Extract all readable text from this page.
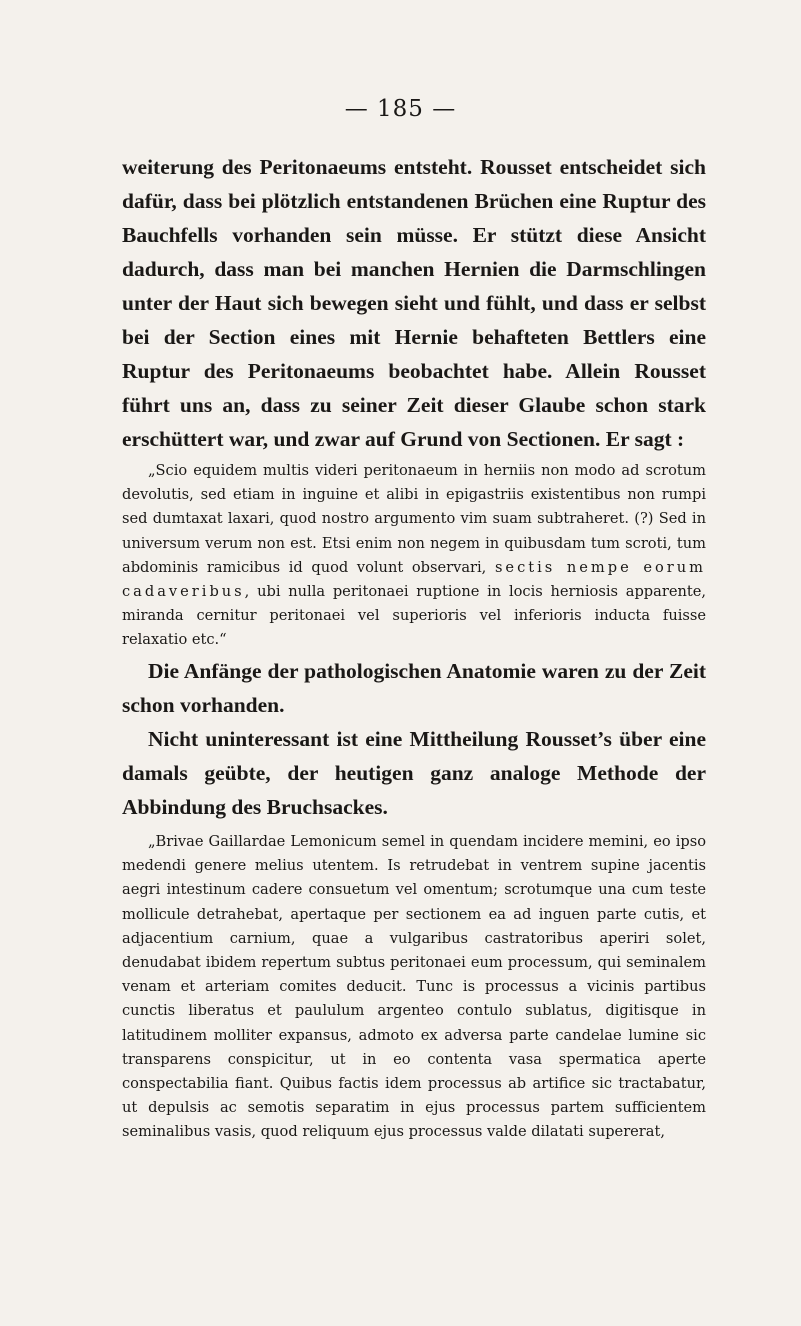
— 185 —

weiterung des Peritonaeums entsteht. Rousset entscheidet sich dafür, dass bei plötzlich entstandenen Brüchen eine Ruptur des Bauchfells vorhanden sein müsse. Er stützt diese Ansicht dadurch, dass man bei manchen Hernien die Darmschlingen unter der Haut sich bewegen sieht und fühlt, und dass er selbst bei der Section eines mit Hernie behafteten Bettlers eine Ruptur des Peritonaeums beobachtet habe. Allein Rousset führt uns an, dass zu seiner Zeit dieser Glaube schon stark erschüttert war, und zwar auf Grund von Sectionen. Er sagt :

„Scio equidem multis videri peritonaeum in herniis non modo ad scrotum devolutis, sed etiam in inguine et alibi in epigastriis existentibus non rumpi sed dumtaxat laxari, quod nostro argumento vim suam subtraheret. (?) Sed in universum verum non est. Etsi enim non negem in quibusdam tum scroti, tum abdominis ramicibus id quod volunt observari, sectis nempe eorum cadaveribus, ubi nulla peritonaei ruptione in locis herniosis apparente, miranda cernitur peritonaei vel superioris vel inferioris inducta fuisse relaxatio etc.“

Die Anfänge der pathologischen Anatomie waren zu der Zeit schon vorhanden.

Nicht uninteressant ist eine Mittheilung Rousset’s über eine damals geübte, der heutigen ganz analoge Methode der Abbindung des Bruchsackes.

„Brivae Gaillardae Lemonicum semel in quendam incidere memini, eo ipso medendi genere melius utentem. Is retrudebat in ventrem supine jacentis aegri intestinum cadere consuetum vel omentum; scrotumque una cum teste mollicule detrahebat, apertaque per sectionem ea ad inguen parte cutis, et adjacentium carnium, quae a vulgaribus castratoribus aperiri solet, denudabat ibidem repertum subtus peritonaei eum processum, qui seminalem venam et arteriam comites deducit. Tunc is processus a vicinis partibus cunctis liberatus et paululum argenteo contulo sublatus, digitisque in latitudinem molliter expansus, admoto ex adversa parte candelae lumine sic transparens conspicitur, ut in eo contenta vasa spermatica aperte conspectabilia fiant. Quibus factis idem processus ab artifice sic tractabatur, ut depulsis ac semotis separatim in ejus processus partem sufficientem seminalibus vasis, quod reliquum ejus processus valde dilatati supererat,
